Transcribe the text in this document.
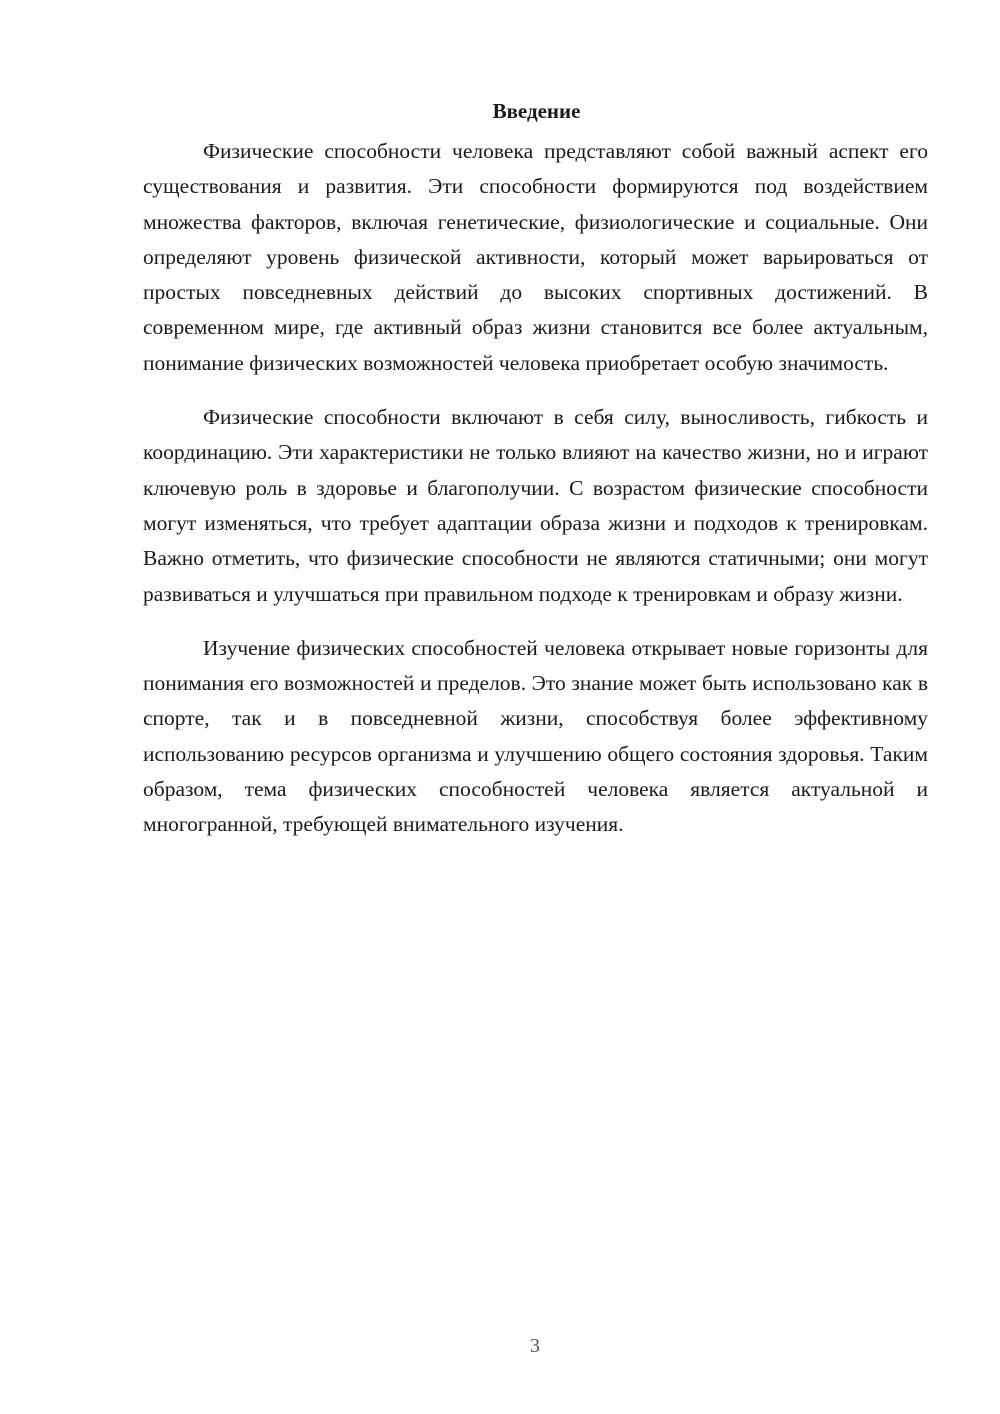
Введение

Физические способности человека представляют собой важный аспект его существования и развития. Эти способности формируются под воздействием множества факторов, включая генетические, физиологические и социальные. Они определяют уровень физической активности, который может варьироваться от простых повседневных действий до высоких спортивных достижений. В современном мире, где активный образ жизни становится все более актуальным, понимание физических возможностей человека приобретает особую значимость.

Физические способности включают в себя силу, выносливость, гибкость и координацию. Эти характеристики не только влияют на качество жизни, но и играют ключевую роль в здоровье и благополучии. С возрастом физические способности могут изменяться, что требует адаптации образа жизни и подходов к тренировкам. Важно отметить, что физические способности не являются статичными; они могут развиваться и улучшаться при правильном подходе к тренировкам и образу жизни.

Изучение физических способностей человека открывает новые горизонты для понимания его возможностей и пределов. Это знание может быть использовано как в спорте, так и в повседневной жизни, способствуя более эффективному использованию ресурсов организма и улучшению общего состояния здоровья. Таким образом, тема физических способностей человека является актуальной и многогранной, требующей внимательного изучения.

3
